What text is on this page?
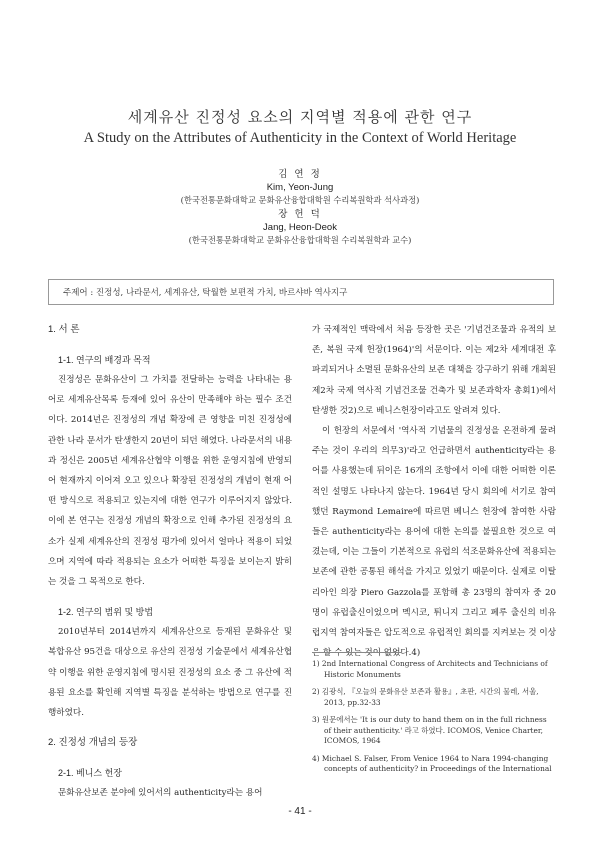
세계유산 진정성 요소의 지역별 적용에 관한 연구
A Study on the Attributes of Authenticity in the Context of World Heritage
김 연 정
Kim, Yeon-Jung
(한국전통문화대학교 문화유산융합대학원 수리복원학과 석사과정)
장 헌 덕
Jang, Heon-Deok
(한국전통문화대학교 문화유산융합대학원 수리복원학과 교수)
주제어 : 진정성, 나라문서, 세계유산, 탁월한 보편적 가치, 바르샤바 역사지구
1. 서 론
1-1. 연구의 배경과 목적

진정성은 문화유산이 그 가치를 전달하는 능력을 나타내는 용어로 세계유산목록 등재에 있어 유산이 만족해야 하는 필수 조건이다. 2014년은 진정성의 개념 확장에 큰 영향을 미친 진정성에 관한 나라 문서가 탄생한지 20년이 되던 해였다. 나라문서의 내용과 정신은 2005년 세계유산협약 이행을 위한 운영지침에 반영되어 현재까지 이어져 오고 있으나 확장된 진정성의 개념이 현재 어떤 방식으로 적용되고 있는지에 대한 연구가 이루어지지 않았다. 이에 본 연구는 진정성 개념의 확장으로 인해 추가된 진정성의 요소가 실제 세계유산의 진정성 평가에 있어서 얼마나 적용이 되었으며 지역에 따라 적용되는 요소가 어떠한 특징을 보이는지 밝히는 것을 그 목적으로 한다.

1-2. 연구의 범위 및 방법

2010년부터 2014년까지 세계유산으로 등재된 문화유산 및 복합유산 95건을 대상으로 유산의 진정성 기술문에서 세계유산협약 이행을 위한 운영지침에 명시된 진정성의 요소 중 그 유산에 적용된 요소를 확인해 지역별 특징을 분석하는 방법으로 연구를 진행하였다.

2. 진정성 개념의 등장
2-1. 베니스 헌장

문화유산보존 분야에 있어서의 authenticity라는 용어

가 국제적인 맥락에서 처음 등장한 곳은 '기념건조물과 유적의 보존, 복원 국제 헌장(1964)'의 서문이다. 이는 제2차 세계대전 후 파괴되거나 소멸된 문화유산의 보존 대책을 강구하기 위해 개최된 제2차 국제 역사적 기념건조물 건축가 및 보존과학자 총회1)에서 탄생한 것2)으로 베니스헌장이라고도 알려져 있다.

이 헌장의 서문에서 '역사적 기념물의 진정성을 온전하게 물려주는 것이 우리의 의무3)'라고 언급하면서 authenticity라는 용어를 사용했는데 뒤이은 16개의 조항에서 이에 대한 어떠한 이론적인 설명도 나타나지 않는다. 1964년 당시 회의에 서기로 참여했던 Raymond Lemaire에 따르면 베니스 헌장에 참여한 사람들은 authenticity라는 용어에 대한 논의를 불필요한 것으로 여겼는데, 이는 그들이 기본적으로 유럽의 석조문화유산에 적용되는 보존에 관한 공통된 해석을 가지고 있었기 때문이다. 실제로 이탈리아인 의장 Piero Gazzola를 포함해 총 23명의 참여자 중 20명이 유럽출신이었으며 멕시코, 튀니지 그리고 페루 출신의 비유럽지역 참여자들은 압도적으로 유럽적인 회의를 지켜보는 것 이상은 할 수 있는 것이 없었다.4)

1) 2nd International Congress of Architects and Technicians of Historic Monuments

2) 김광식, 『오늘의 문화유산 보존과 활용』, 초판, 시간의 물레, 서울, 2013, pp.32-33

3) 원문에서는 'It is our duty to hand them on in the full richness of their authenticity.' 라고 하였다. ICOMOS, Venice Charter, ICOMOS, 1964

4) Michael S. Falser, From Venice 1964 to Nara 1994-changing concepts of authenticity? in Proceedings of the International

- 41 -
